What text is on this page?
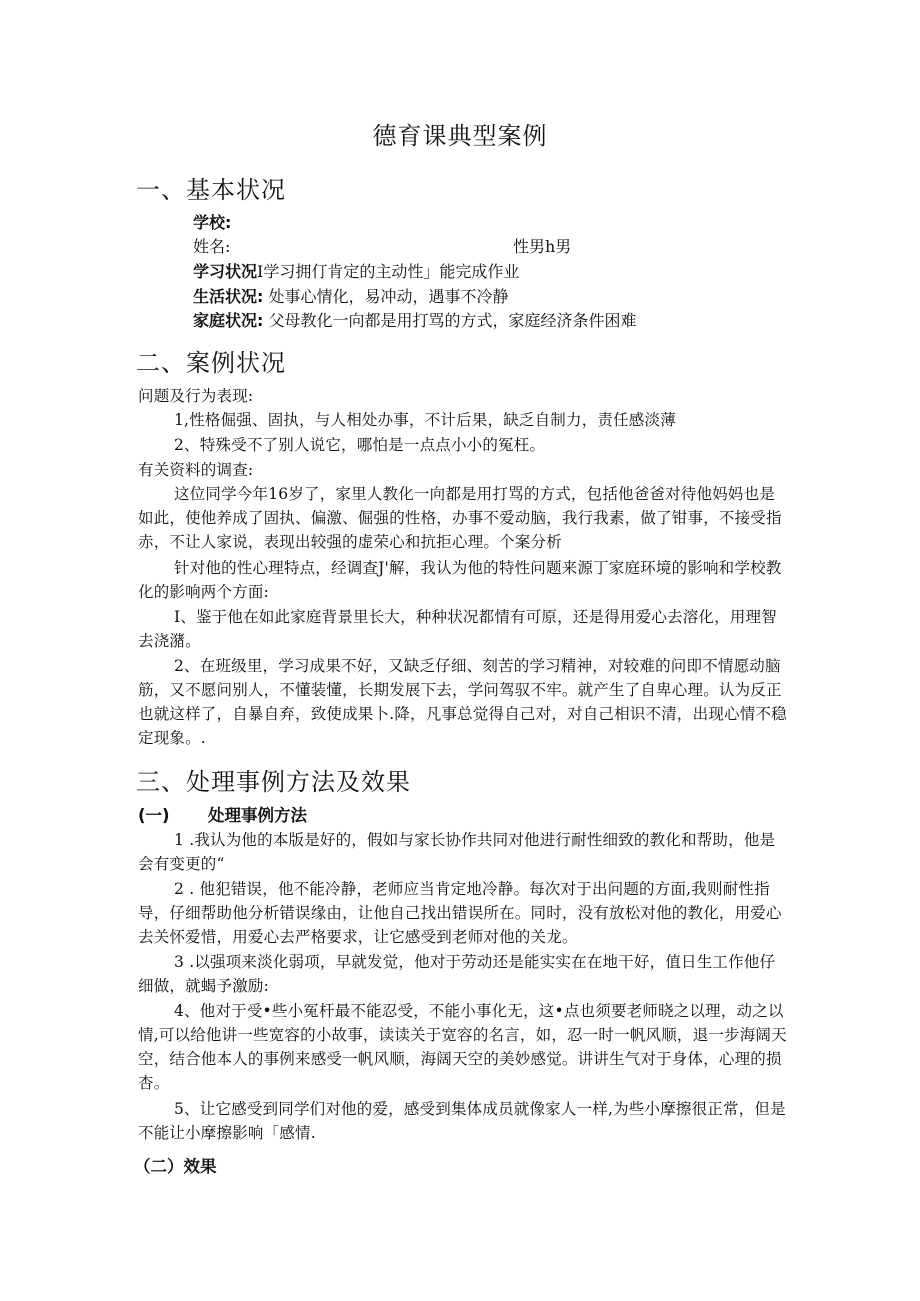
德育课典型案例
一、基本状况
学校:
姓名:	性男h男
学习状况I学习拥仃肯定的主动性」能完成作业
生活状况: 处事心情化，易冲动，遇事不冷静
家庭状况: 父母教化一向都是用打骂的方式，家庭经济条件困难
二、案例状况
问题及行为表现:
1,性格倔强、固执，与人相处办事，不计后果，缺乏自制力，责任感淡薄
2、特殊受不了别人说它，哪怕是一点点小小的冤枉。
有关资料的调查:
这位同学今年16岁了，家里人教化一向都是用打骂的方式，包括他爸爸对待他妈妈也是如此，使他养成了固执、偏激、倔强的性格，办事不爱动脑，我行我素，做了钳事，不接受指赤，不让人家说，表现出较强的虚荣心和抗拒心理。个案分析
针对他的性心理特点，经调查J'解，我认为他的特性问题来源丁家庭环境的影响和学校教化的影响两个方面:
I、鉴于他在如此家庭背景里长大，种种状况都情有可原，还是得用爱心去溶化，用理智去浇潴。
2、在班级里，学习成果不好，又缺乏仔细、刻苦的学习精神，对较难的问即不情愿动脑筋，又不愿问别人，不懂装懂，长期发展下去，学问驾驭不牢。就产生了自卑心理。认为反正也就这样了，自暴自弃，致使成果卜.降，凡事总觉得自己对，对自己相识不清，出现心情不稳定现象。.
三、处理事例方法及效果
(一) 处理事例方法
1 .我认为他的本版是好的，假如与家长协作共同对他进行耐性细致的教化和帮助，他是会有变更的“
2 . 他犯错误，他不能冷静，老师应当肯定地冷静。每次对于出问题的方面,我则耐性指导，仔细帮助他分析错误缘由，让他自己找出错误所在。同时，没有放松对他的教化，用爱心去关怀爱惜，用爱心去严格要求，让它感受到老师对他的关龙。
3 .以强项来淡化弱项，早就发觉，他对于劳动还是能实实在在地干好，值日生工作他仔细做，就蝎予激励:
4、他对于受•些小冤杆最不能忍受，不能小事化无，这•点也须要老师晓之以理，动之以情,可以给他讲一些宽容的小故事，读读关于宽容的名言，如，忍一时一帆风顺，退一步海阔天空，结合他本人的事例来感受一帆风顺，海阔天空的美妙感觉。讲讲生气对于身体，心理的损杏。
5、让它感受到同学们对他的爱，感受到集体成员就像家人一样,为些小摩擦很正常，但是不能让小摩擦影响「感情.
（二）效果
